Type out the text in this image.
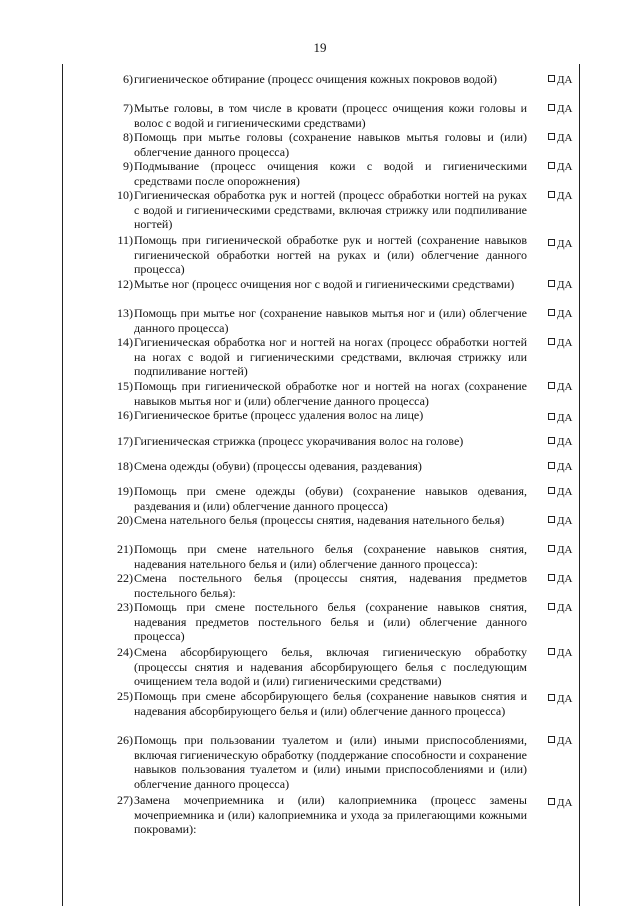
19
6) гигиеническое обтирание (процесс очищения кожных покровов водой)	ДА
7) Мытье головы, в том числе в кровати (процесс очищения кожи головы и волос с водой и гигиеническими средствами)
ДА
8) Помощь при мытье головы (сохранение навыков мытья головы и (или) облегчение данного процесса)
ДА
9) Подмывание (процесс очищения кожи с водой и гигиеническими средствами после опорожнения)
ДА
10) Гигиеническая обработка рук и ногтей (процесс обработки ногтей на руках с водой и гигиеническими средствами, включая стрижку или подпиливание ногтей)
ДА
11) Помощь при гигиенической обработке рук и ногтей (сохранение навыков гигиенической обработки ногтей на руках и (или) облегчение данного процесса)
ДА
12) Мытье ног (процесс очищения ног с водой и гигиеническими средствами)	ДА
13) Помощь при мытье ног (сохранение навыков мытья ног и (или) облегчение данного процесса)
ДА
14) Гигиеническая обработка ног и ногтей на ногах (процесс обработки ногтей на ногах с водой и гигиеническими средствами, включая стрижку или подпиливание ногтей)
ДА
15) Помощь при гигиенической обработке ног и ногтей на ногах (сохранение навыков мытья ног и (или) облегчение данного процесса)
ДА
16) Гигиеническое бритье (процесс удаления волос на лице)	ДА
17) Гигиеническая стрижка (процесс укорачивания волос на голове)	ДА
18) Смена одежды (обуви) (процессы одевания, раздевания)	ДА
19) Помощь при смене одежды (обуви) (сохранение навыков одевания, раздевания и (или) облегчение данного процесса)
ДА
20) Смена нательного белья (процессы снятия, надевания нательного белья)	ДА
21) Помощь при смене нательного белья (сохранение навыков снятия, надевания нательного белья и (или) облегчение данного процесса):
ДА
22) Смена постельного белья (процессы снятия, надевания предметов постельного белья):
ДА
23) Помощь при смене постельного белья (сохранение навыков снятия, надевания предметов постельного белья и (или) облегчение данного процесса)
ДА
24) Смена абсорбирующего белья, включая гигиеническую обработку (процессы снятия и надевания абсорбирующего белья с последующим очищением тела водой и (или) гигиеническими средствами)
ДА
25) Помощь при смене абсорбирующего белья (сохранение навыков снятия и надевания абсорбирующего белья и (или) облегчение данного процесса)
ДА
26) Помощь при пользовании туалетом и (или) иными приспособлениями, включая гигиеническую обработку (поддержание способности и сохранение навыков пользования туалетом и (или) иными приспособлениями и (или) облегчение данного процесса)
ДА
27) Замена мочеприемника и (или) калоприемника (процесс замены мочеприемника и (или) калоприемника и ухода за прилегающими кожными покровами):
ДА
